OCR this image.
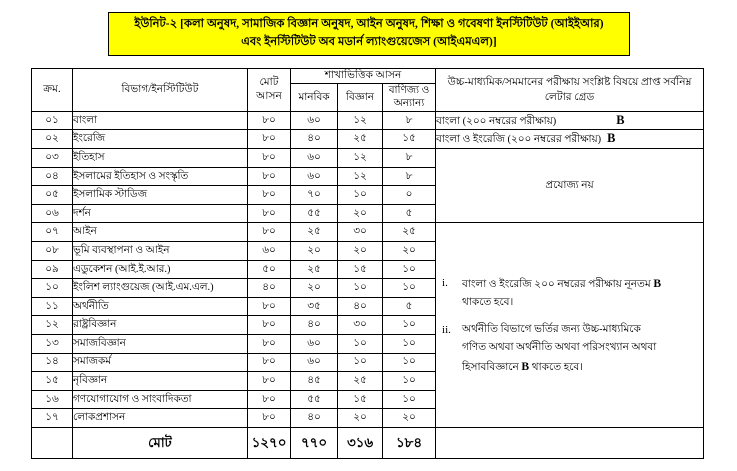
ইউনিট-২ [কলা অনুষদ, সামাজিক বিজ্ঞান অনুষদ, আইন অনুষদ, শিক্ষা ও গবেষণা ইনস্টিটিউট (আইইআর)
এবং ইনস্টিটিউট অব মডার্ন ল্যাংগুয়েজেস (আইএমএল)]
ক্রম.	বিভাগ/ইনস্টিটিউট	মোট
আসন	শাখাভিত্তিক আসন			উচ্চ-মাধ্যমিক/সমমানের পরীক্ষায় সংশ্লিষ্ট বিষয়ে প্রাপ্ত সর্বনিম্ন
লেটার গ্রেড
			মানবিক	বিজ্ঞান	বাণিজ্য ও
অন্যান্য	
০১	বাংলা	৮০	৬০	১২	৮	বাংলা (২০০ নম্বরের পরীক্ষায়) B

০২	ইংরেজি	৮০	৪০	২৫	১৫	বাংলা ও ইংরেজি (২০০ নম্বরের পরীক্ষায়) B

০৩	ইতিহাস	৮০	৬০	১২	৮	প্রযোজ্য নয়
০৪	ইসলামের ইতিহাস ও সংস্কৃতি	৮০	৬০	১২	৮	
০৫	ইসলামিক স্টাডিজ	৮০	৭০	১০	০	
০৬	দর্শন	৮০	৫৫	২০	৫	
০৭	আইন	৮০	২৫	৩০	২৫	
i. বাংলা ও ইংরেজি ২০০ নম্বরের পরীক্ষায় নূনতম B
থাকতে হবে।
ii. অর্থনীতি বিভাগে ভর্তির জন্য উচ্চ-মাধ্যমিকে
গণিত অথবা অর্থনীতি অথবা পরিসংখ্যান অথবা
হিসাববিজ্ঞানে B থাকতে হবে।

০৮	ভূমি ব্যবস্থাপনা ও আইন	৬০	২০	২০	২০	
০৯	এডুকেশন (আই.ই.আর.)	৫০	২৫	১৫	১০	
১০	ইংলিশ ল্যাংগুয়েজ (আই.এম.এল.)	৪০	২০	১০	১০	
১১	অর্থনীতি	৮০	৩৫	৪০	৫	
১২	রাষ্ট্রবিজ্ঞান	৮০	৪০	৩০	১০	
১৩	সমাজবিজ্ঞান	৮০	৬০	১০	১০	
১৪	সমাজকর্ম	৮০	৬০	১০	১০	
১৫	নৃবিজ্ঞান	৮০	৪৫	২৫	১০	
১৬	গণযোগাযোগ ও সাংবাদিকতা	৮০	৫৫	১৫	১০	
১৭	লোকপ্রশাসন	৮০	৪০	২০	২০	
	মোট	১২৭০	৭৭০	৩১৬	১৮৪	
